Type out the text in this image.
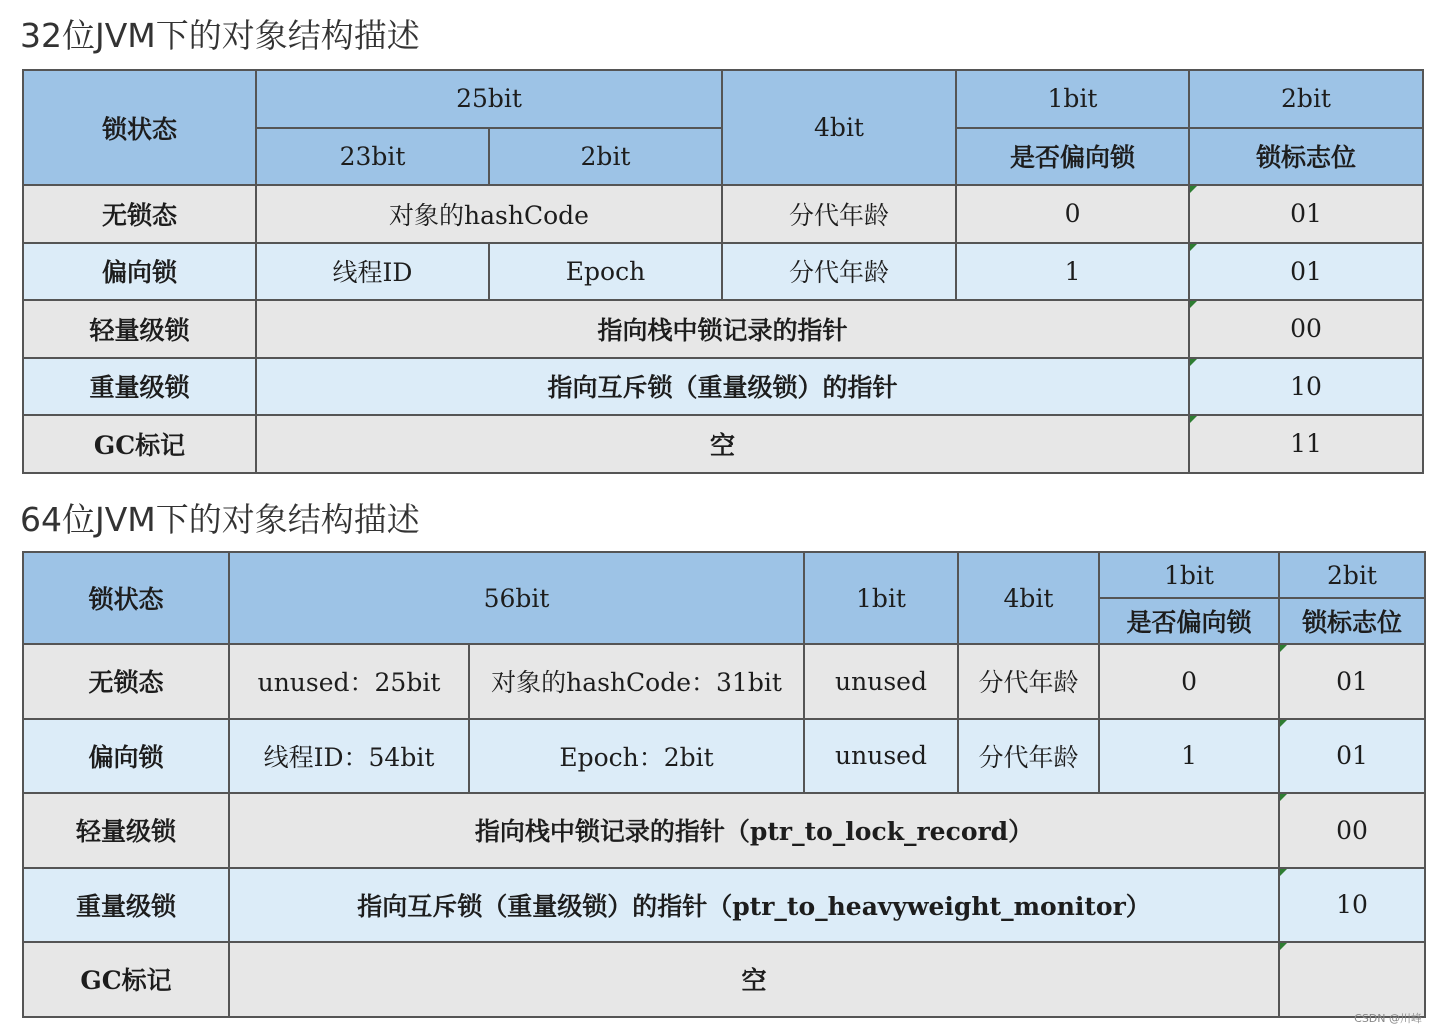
32位JVM下的对象结构描述
锁状态	25bit		4bit	1bit	2bit
	23bit	2bit		是否偏向锁	锁标志位
无锁态	对象的hashCode		分代年龄	0	01
偏向锁	线程ID	Epoch	分代年龄	1	01
轻量级锁	指向栈中锁记录的指针				00
重量级锁	指向互斥锁（重量级锁）的指针				10
GC标记	空				11
64位JVM下的对象结构描述
锁状态	56bit		1bit	4bit	1bit	2bit
					是否偏向锁	锁标志位
无锁态	unused：25bit	对象的hashCode：31bit	unused	分代年龄	0	01
偏向锁	线程ID：54bit	Epoch：2bit	unused	分代年龄	1	01
轻量级锁	指向栈中锁记录的指针（ptr_to_lock_record）					00
重量级锁	指向互斥锁（重量级锁）的指针（ptr_to_heavyweight_monitor）					10
GC标记	空					
CSDN @川峰
